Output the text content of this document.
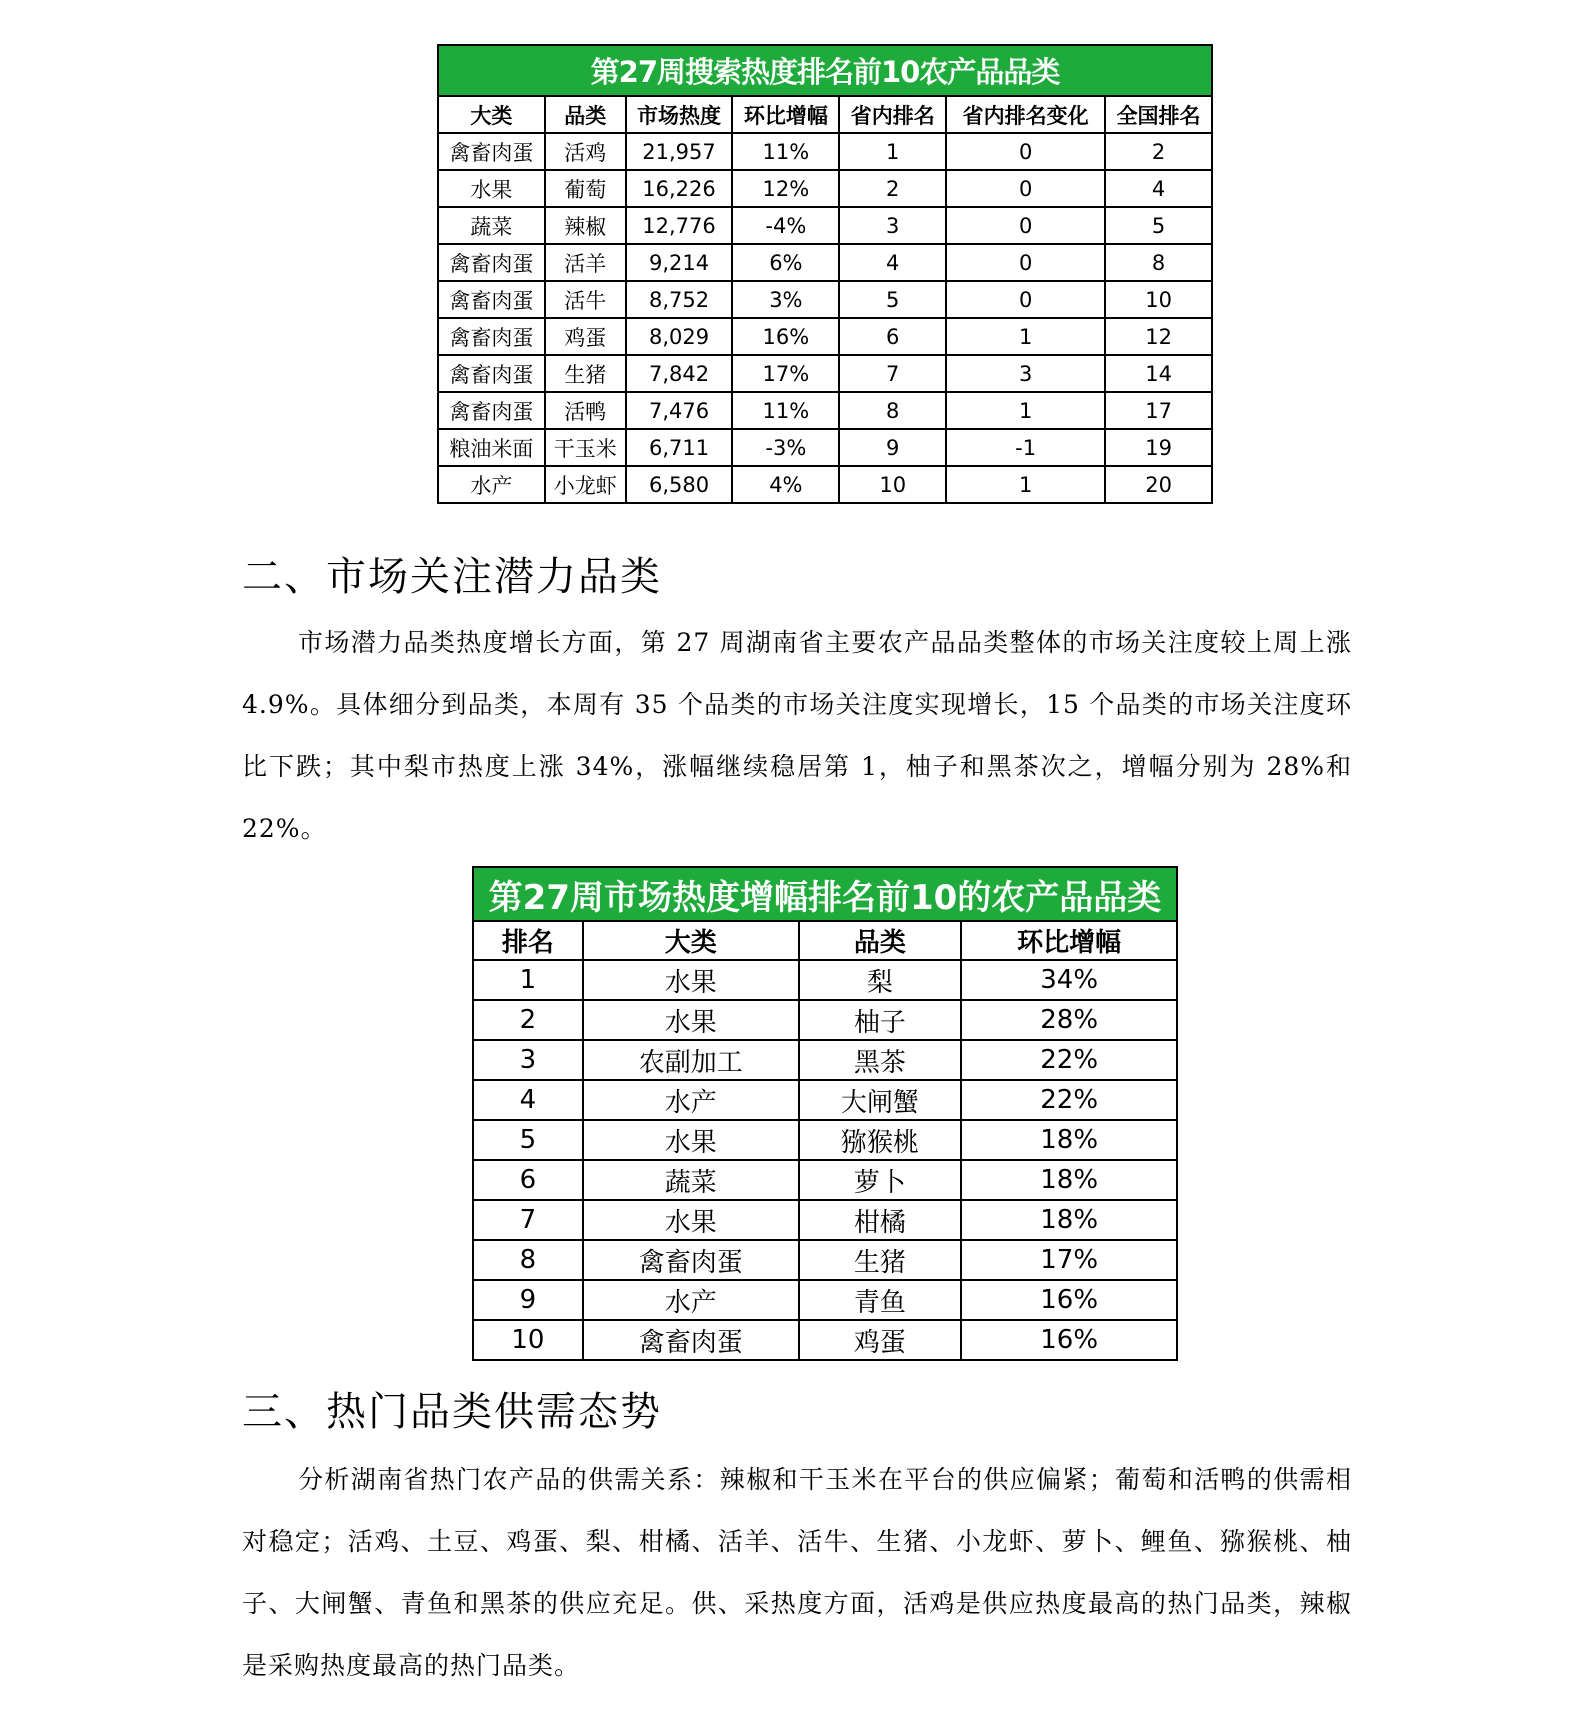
第27周搜索热度排名前10农产品品类						
大类	品类	市场热度	环比增幅	省内排名	省内排名变化	全国排名
禽畜肉蛋	活鸡	21,957	11%	1	0	2
水果	葡萄	16,226	12%	2	0	4
蔬菜	辣椒	12,776	-4%	3	0	5
禽畜肉蛋	活羊	9,214	6%	4	0	8
禽畜肉蛋	活牛	8,752	3%	5	0	10
禽畜肉蛋	鸡蛋	8,029	16%	6	1	12
禽畜肉蛋	生猪	7,842	17%	7	3	14
禽畜肉蛋	活鸭	7,476	11%	8	1	17
粮油米面	干玉米	6,711	-3%	9	-1	19
水产	小龙虾	6,580	4%	10	1	20
二、市场关注潜力品类

市场潜力品类热度增长方面，第 27 周湖南省主要农产品品类整体的市场关注度较上周上涨 4.9%。具体细分到品类，本周有 35 个品类的市场关注度实现增长，15 个品类的市场关注度环比下跌；其中梨市热度上涨 34%，涨幅继续稳居第 1，柚子和黑茶次之，增幅分别为 28%和 22%。

第27周市场热度增幅排名前10的农产品品类			
排名	大类	品类	环比增幅
1	水果	梨	34%
2	水果	柚子	28%
3	农副加工	黑茶	22%
4	水产	大闸蟹	22%
5	水果	猕猴桃	18%
6	蔬菜	萝卜	18%
7	水果	柑橘	18%
8	禽畜肉蛋	生猪	17%
9	水产	青鱼	16%
10	禽畜肉蛋	鸡蛋	16%
三、热门品类供需态势

分析湖南省热门农产品的供需关系：辣椒和干玉米在平台的供应偏紧；葡萄和活鸭的供需相对稳定；活鸡、土豆、鸡蛋、梨、柑橘、活羊、活牛、生猪、小龙虾、萝卜、鲤鱼、猕猴桃、柚子、大闸蟹、青鱼和黑茶的供应充足。供、采热度方面，活鸡是供应热度最高的热门品类，辣椒是采购热度最高的热门品类。
